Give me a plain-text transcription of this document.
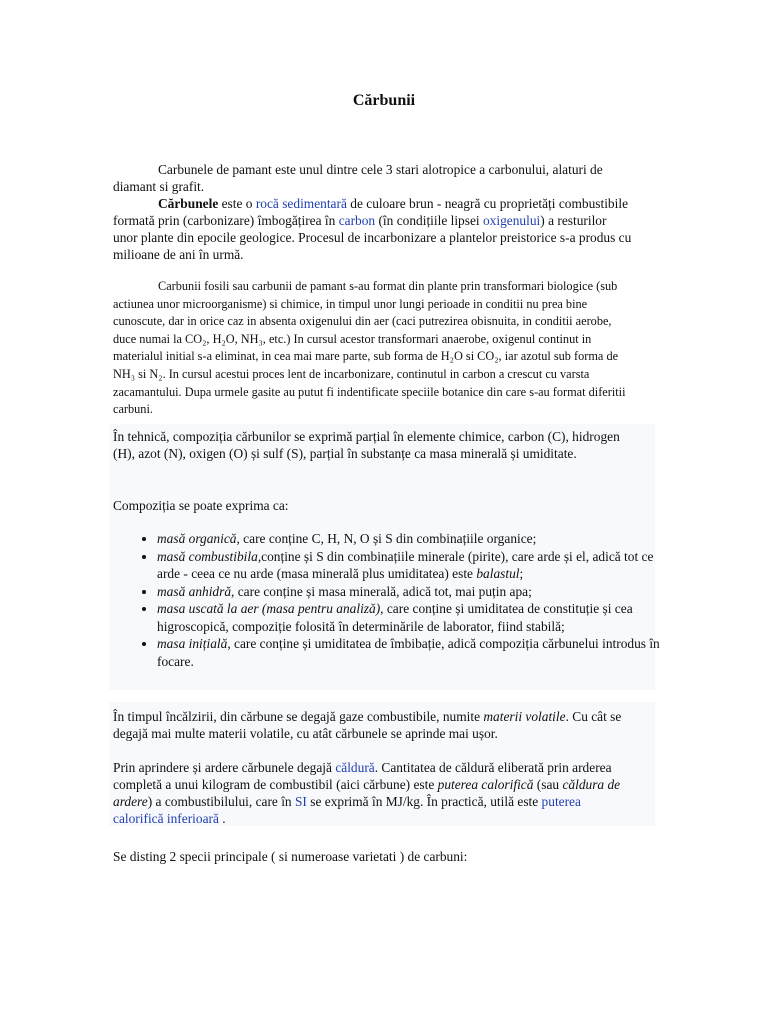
Cărbunii

Carbunele de pamant este unul dintre cele 3 stari alotropice a carbonului, alaturi de diamant si grafit.

Cărbunele este o rocă sedimentară de culoare brun - neagră cu proprietăți combustibile formată prin (carbonizare) îmbogățirea în carbon (în condițiile lipsei oxigenului) a resturilor unor plante din epocile geologice. Procesul de incarbonizare a plantelor preistorice s-a produs cu milioane de ani în urmă.

Carbunii fosili sau carbunii de pamant s-au format din plante prin transformari biologice (sub actiunea unor microorganisme) si chimice, in timpul unor lungi perioade in conditii nu prea bine cunoscute, dar in orice caz in absenta oxigenului din aer (caci putrezirea obisnuita, in conditii aerobe, duce numai la CO₂, H₂O, NH₃, etc.) In cursul acestor transformari anaerobe, oxigenul continut in materialul initial s-a eliminat, in cea mai mare parte, sub forma de H₂O si CO₂, iar azotul sub forma de NH₃ si N₂. In cursul acestui proces lent de incarbonizare, continutul in carbon a crescut cu varsta zacamantului. Dupa urmele gasite au putut fi indentificate speciile botanice din care s-au format diferitii carbuni.

În tehnică, compoziția cărbunilor se exprimă parțial în elemente chimice, carbon (C), hidrogen (H), azot (N), oxigen (O) și sulf (S), parțial în substanțe ca masa minerală și umiditate.

Compoziția se poate exprima ca:

• masă organică, care conține C, H, N, O și S din combinațiile organice;
• masă combustibila,conține și S din combinațiile minerale (pirite), care arde și el, adică tot ce arde - ceea ce nu arde (masa minerală plus umiditatea) este balastul;
• masă anhidră, care conține și masa minerală, adică tot, mai puțin apa;
• masa uscată la aer (masa pentru analiză), care conține și umiditatea de constituție și cea higroscopică, compoziție folosită în determinările de laborator, fiind stabilă;
• masa inițială, care conține și umiditatea de îmbibație, adică compoziția cărbunelui introdus în focare.

În timpul încălzirii, din cărbune se degajă gaze combustibile, numite materii volatile. Cu cât se degajă mai multe materii volatile, cu atât cărbunele se aprinde mai ușor.

Prin aprindere și ardere cărbunele degajă căldură. Cantitatea de căldură eliberată prin arderea completă a unui kilogram de combustibil (aici cărbune) este puterea calorifică (sau căldura de ardere) a combustibilului, care în SI se exprimă în MJ/kg. În practică, utilă este puterea calorifică inferioară .

Se disting 2 specii principale ( si numeroase varietati ) de carbuni:
